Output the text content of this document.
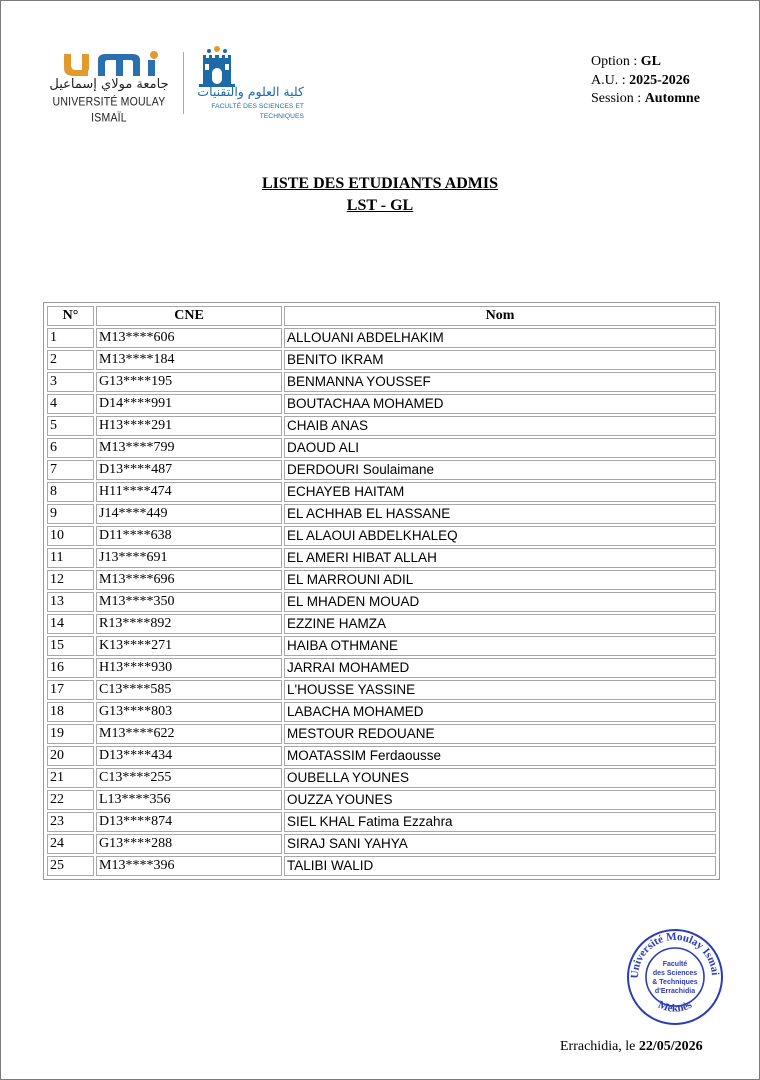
جامعة مولاي إسماعيل
UNIVERSITÉ MOULAY ISMAÏL
كلية العلوم والتقنيات
FACULTÉ DES SCIENCES ET TECHNIQUES
Option : GL
A.U. : 2025-2026
Session : Automne
LISTE DES ETUDIANTS ADMIS
LST - GL
N°	CNE	Nom
1	M13****606	ALLOUANI ABDELHAKIM
2	M13****184	BENITO IKRAM
3	G13****195	BENMANNA YOUSSEF
4	D14****991	BOUTACHAA MOHAMED
5	H13****291	CHAIB ANAS
6	M13****799	DAOUD ALI
7	D13****487	DERDOURI Soulaimane
8	H11****474	ECHAYEB HAITAM
9	J14****449	EL ACHHAB EL HASSANE
10	D11****638	EL ALAOUI ABDELKHALEQ
11	J13****691	EL AMERI HIBAT ALLAH
12	M13****696	EL MARROUNI ADIL
13	M13****350	EL MHADEN MOUAD
14	R13****892	EZZINE HAMZA
15	K13****271	HAIBA OTHMANE
16	H13****930	JARRAI MOHAMED
17	C13****585	L'HOUSSE YASSINE
18	G13****803	LABACHA MOHAMED
19	M13****622	MESTOUR REDOUANE
20	D13****434	MOATASSIM Ferdaousse
21	C13****255	OUBELLA YOUNES
22	L13****356	OUZZA YOUNES
23	D13****874	SIEL KHAL Fatima Ezzahra
24	G13****288	SIRAJ SANI YAHYA
25	M13****396	TALIBI WALID
Université Moulay Ismai
Meknès
Faculté
des Sciences
& Techniques
d'Errachidia
Errachidia, le 22/05/2026
